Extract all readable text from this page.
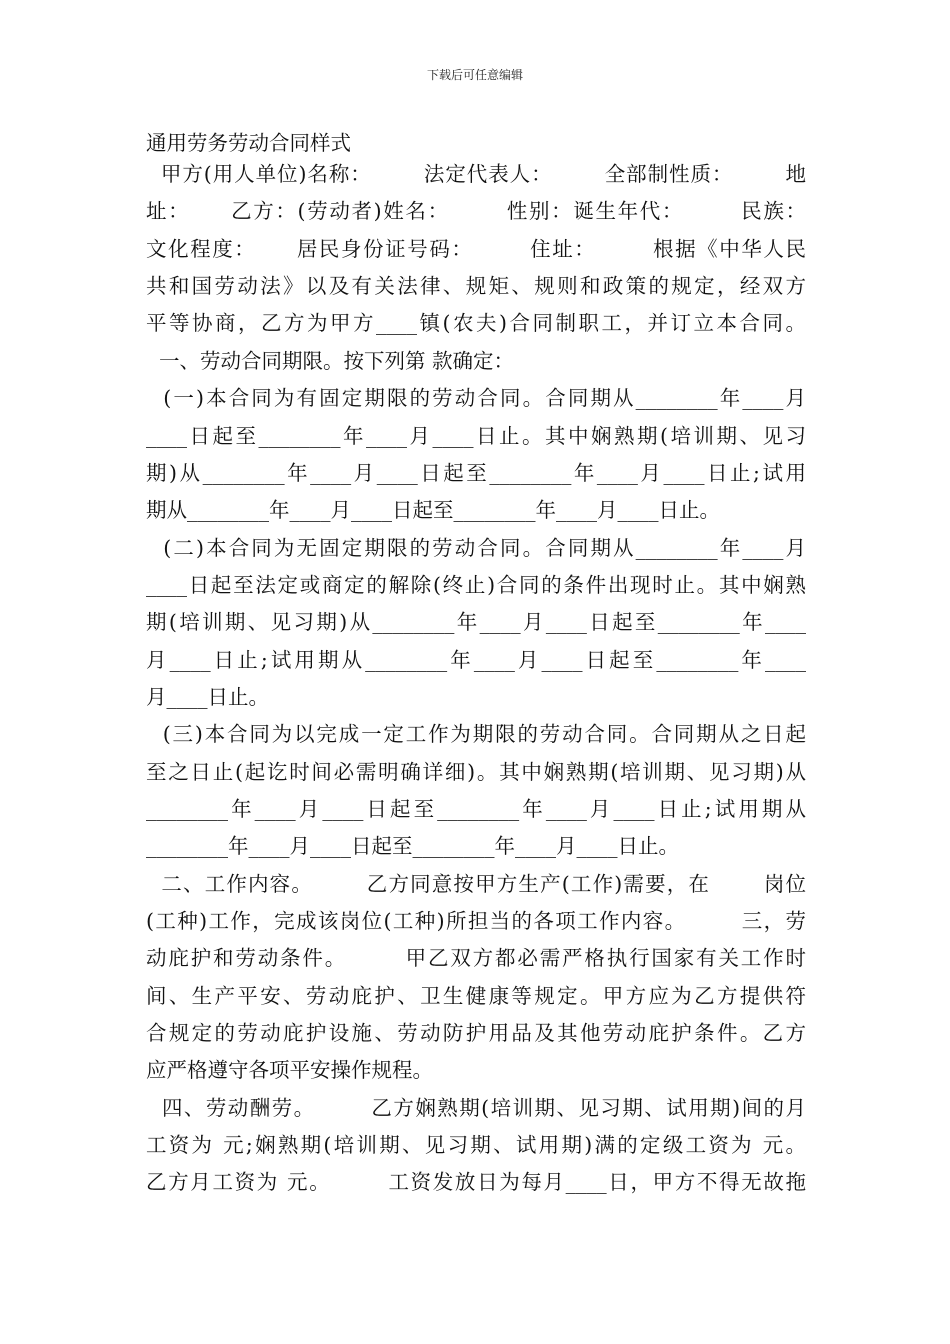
下载后可任意编辑
通用劳务劳动合同样式
甲方(用人单位)名称：       法定代表人：       全部制性质：       地
址：     乙方：(劳动者)姓名：       性别：诞生年代：       民族：
文化程度：     居民身份证号码：       住址：       根据《中华人民
共和国劳动法》以及有关法律、规矩、规则和政策的规定，经双方
平等协商，乙方为甲方____镇(农夫)合同制职工，并订立本合同。
一、劳动合同期限。按下列第 款确定：
(一)本合同为有固定期限的劳动合同。合同期从________年____月
____日起至________年____月____日止。其中娴熟期(培训期、见习
期)从________年____月____日起至________年____月____日止;试用
期从________年____月____日起至________年____月____日止。
(二)本合同为无固定期限的劳动合同。合同期从________年____月
____日起至法定或商定的解除(终止)合同的条件出现时止。其中娴熟
期(培训期、见习期)从________年____月____日起至________年____
月____日止;试用期从________年____月____日起至________年____
月____日止。
(三)本合同为以完成一定工作为期限的劳动合同。合同期从之日起
至之日止(起讫时间必需明确详细)。其中娴熟期(培训期、见习期)从
________年____月____日起至________年____月____日止;试用期从
________年____月____日起至________年____月____日止。
二、工作内容。       乙方同意按甲方生产(工作)需要，在       岗位
(工种)工作，完成该岗位(工种)所担当的各项工作内容。       三，劳
动庇护和劳动条件。       甲乙双方都必需严格执行国家有关工作时
间、生产平安、劳动庇护、卫生健康等规定。甲方应为乙方提供符
合规定的劳动庇护设施、劳动防护用品及其他劳动庇护条件。乙方
应严格遵守各项平安操作规程。
四、劳动酬劳。       乙方娴熟期(培训期、见习期、试用期)间的月
工资为 元;娴熟期(培训期、见习期、试用期)满的定级工资为 元。
乙方月工资为 元。       工资发放日为每月____日，甲方不得无故拖
